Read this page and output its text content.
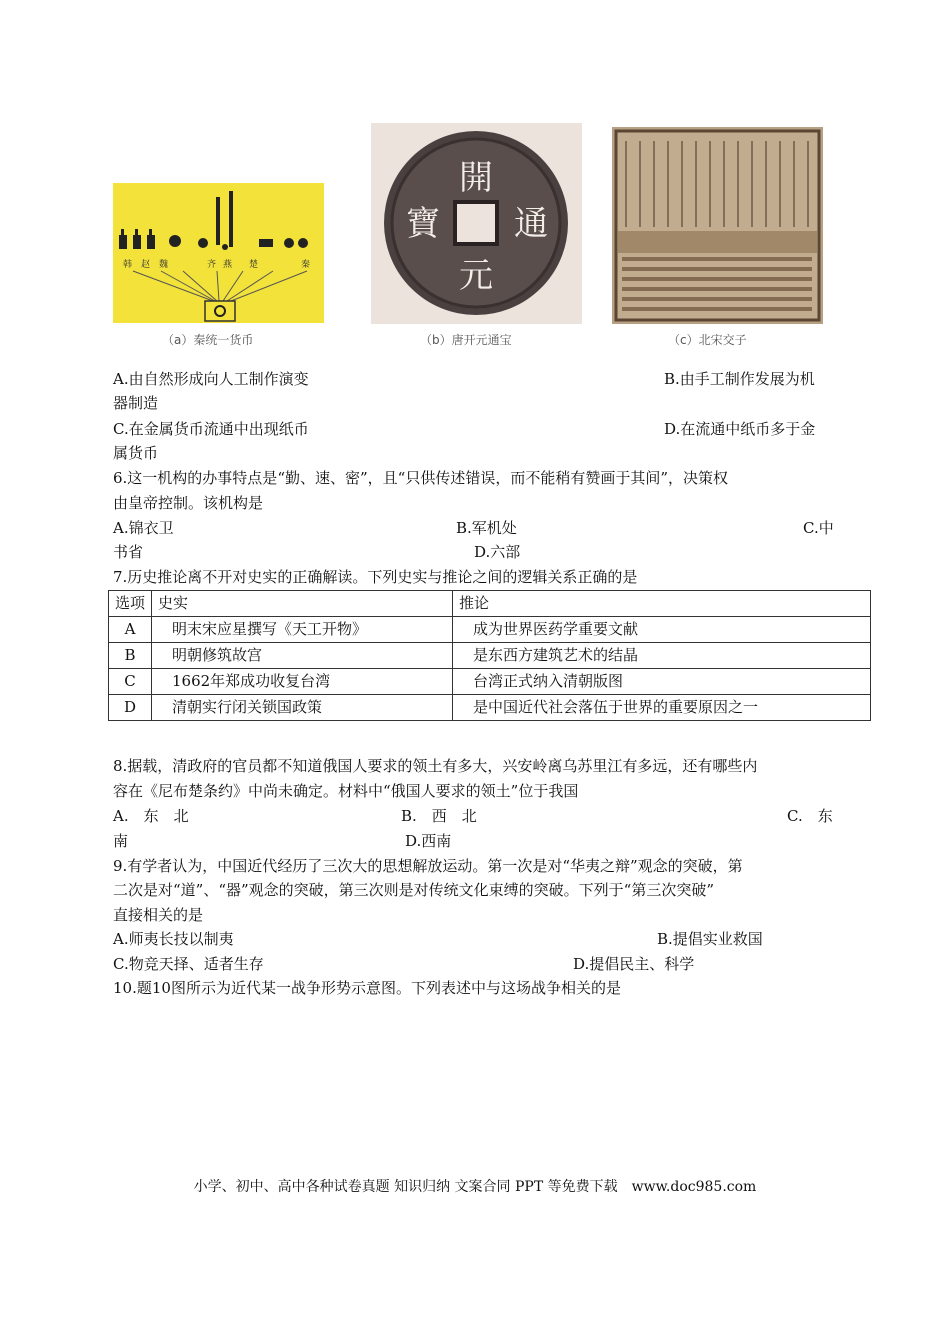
韩 赵 魏	齐 燕 楚	秦
（a）秦统一货币
開
通
元
寶
（b）唐开元通宝	（c）北宋交子
A.由自然形成向人工制作演变	B.由手工制作发展为机
器制造
C.在金属货币流通中出现纸币	D.在流通中纸币多于金
属货币
6.这一机构的办事特点是“勤、速、密”，且“只供传述错误，而不能稍有赞画于其间”，决策权
由皇帝控制。该机构是
A.锦衣卫	B.军机处	C.中
书省	D.六部
7.历史推论离不开对史实的正确解读。下列史实与推论之间的逻辑关系正确的是
选项	史实	推论
A	明末宋应星撰写《天工开物》	成为世界医药学重要文献
B	明朝修筑故宫	是东西方建筑艺术的结晶
C	1662年郑成功收复台湾	台湾正式纳入清朝版图
D	清朝实行闭关锁国政策	是中国近代社会落伍于世界的重要原因之一
8.据载，清政府的官员都不知道俄国人要求的领土有多大，兴安岭离乌苏里江有多远，还有哪些内
容在《尼布楚条约》中尚未确定。材料中“俄国人要求的领土”位于我国
A.　东　北	B.　西　北	C.　东
南	D.西南
9.有学者认为，中国近代经历了三次大的思想解放运动。第一次是对“华夷之辩”观念的突破，第
二次是对“道”、“器”观念的突破，第三次则是对传统文化束缚的突破。下列于“第三次突破”
直接相关的是
A.师夷长技以制夷	B.提倡实业救国
C.物竞天择、适者生存	D.提倡民主、科学
10.题10图所示为近代某一战争形势示意图。下列表述中与这场战争相关的是
小学、初中、高中各种试卷真题 知识归纳 文案合同 PPT 等免费下载　www.doc985.com
